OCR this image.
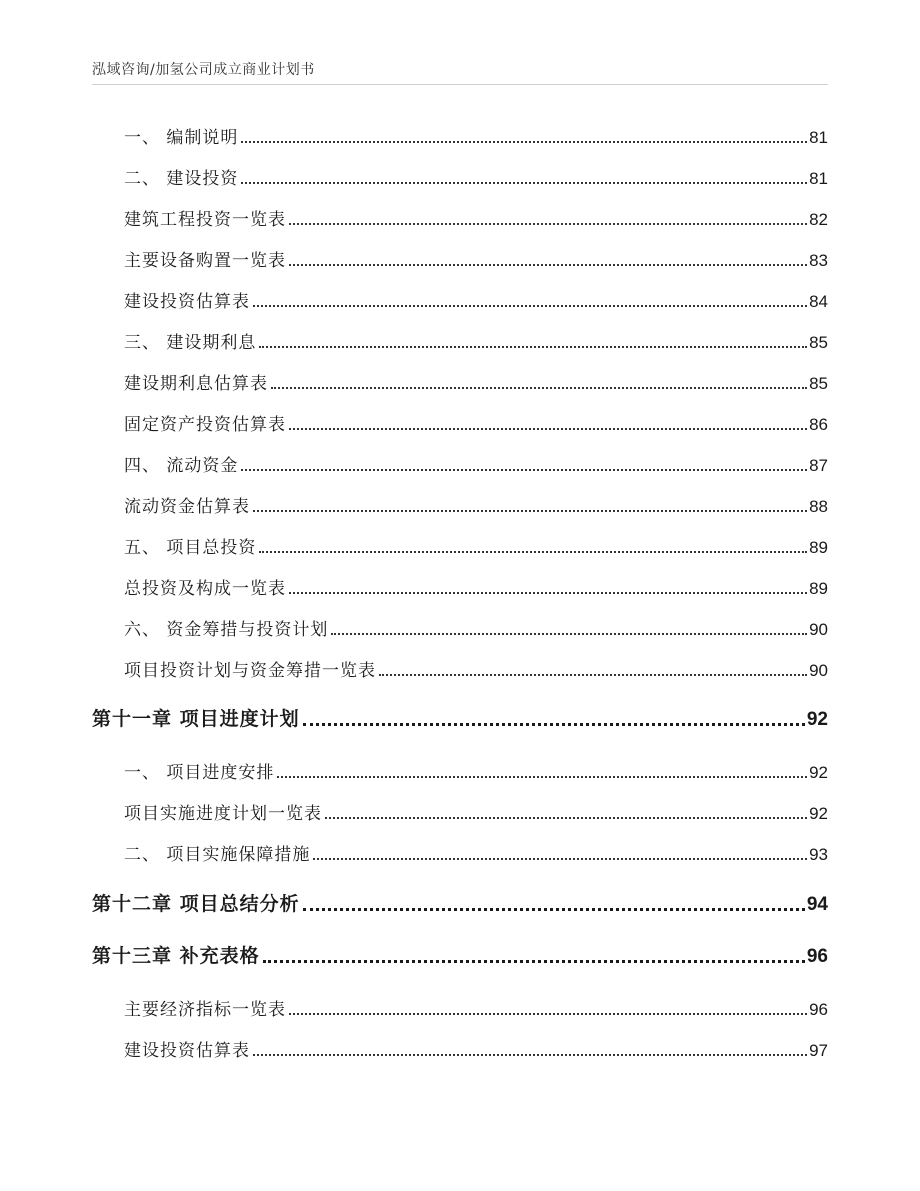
泓域咨询/加氢公司成立商业计划书
一、 编制说明	81
二、 建设投资	81
建筑工程投资一览表	82
主要设备购置一览表	83
建设投资估算表	84
三、 建设期利息	85
建设期利息估算表	85
固定资产投资估算表	86
四、 流动资金	87
流动资金估算表	88
五、 项目总投资	89
总投资及构成一览表	89
六、 资金筹措与投资计划	90
项目投资计划与资金筹措一览表	90
第十一章 项目进度计划	92
一、 项目进度安排	92
项目实施进度计划一览表	92
二、 项目实施保障措施	93
第十二章 项目总结分析	94
第十三章 补充表格	96
主要经济指标一览表	96
建设投资估算表	97
